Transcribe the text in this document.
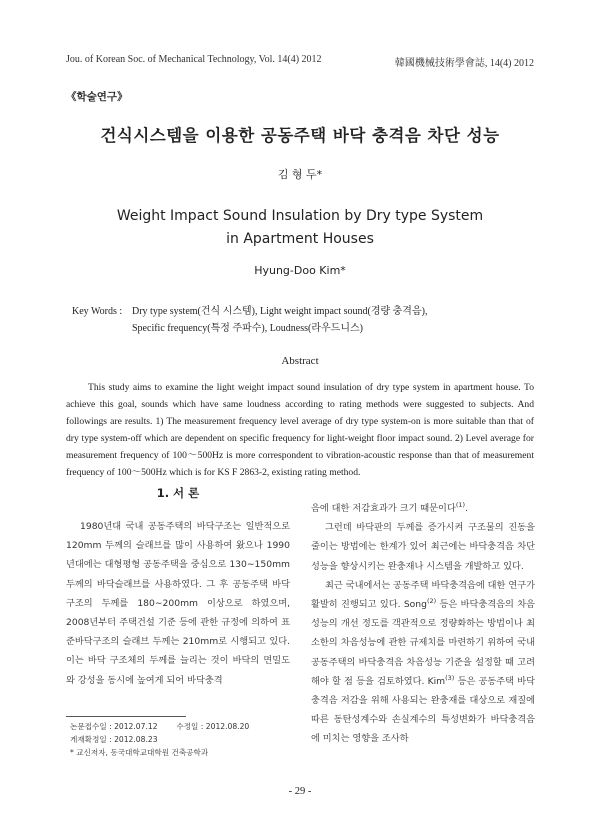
Jou. of Korean Soc. of Mechanical Technology, Vol. 14(4) 2012	韓國機械技術學會誌, 14(4) 2012
《학술연구》
건식시스템을 이용한 공동주택 바닥 충격음 차단 성능
김 형 두*
Weight Impact Sound Insulation by Dry type System
in Apartment Houses
Hyung-Doo Kim*
Key Words : Dry type system(건식 시스템), Light weight impact sound(경량 충격음),
Specific frequency(특정 주파수), Loudness(라우드니스)
Abstract

This study aims to examine the light weight impact sound insulation of dry type system in apartment house. To achieve this goal, sounds which have same loudness according to rating methods were suggested to subjects. And followings are results. 1) The measurement frequency level average of dry type system-on is more suitable than that of dry type system-off which are dependent on specific frequency for light-weight floor impact sound. 2) Level average for measurement frequency of 100～500Hz is more correspondent to vibration-acoustic response than that of measurement frequency of 100～500Hz which is for KS F 2863-2, existing rating method.

1. 서 론

1980년대 국내 공동주택의 바닥구조는 일반적으로 120mm 두께의 슬래브를 많이 사용하여 왔으나 1990년대에는 대형평형 공동주택을 중심으로 130∼150mm 두께의 바닥슬래브를 사용하였다. 그 후 공동주택 바닥구조의 두께를 180∼200mm 이상으로 하였으며, 2008년부터 주택건설 기준 등에 관한 규정에 의하여 표준바닥구조의 슬래브 두께는 210mm로 시행되고 있다. 이는 바닥 구조체의 두께를 늘리는 것이 바닥의 면밀도와 강성을 동시에 높여게 되어 바닥충격

음에 대한 저감효과가 크기 때문이다$^{(1)}$.

그런데 바닥판의 두께를 증가시켜 구조물의 진동을 줄이는 방법에는 한계가 있어 최근에는 바닥충격음 차단성능을 향상시키는 완충재나 시스템을 개발하고 있다.

최근 국내에서는 공동주택 바닥충격음에 대한 연구가 활발히 진행되고 있다. Song$^{(2)}$ 등은 바닥충격음의 차음성능의 개선 정도를 객관적으로 정량화하는 방법이나 최소한의 차음성능에 관한 규제치를 마련하기 위하여 국내 공동주택의 바닥충격음 차음성능 기준을 설정할 때 고려해야 할 점 등을 검토하였다. Kim$^{(3)}$ 등은 공동주택 바닥충격음 저감을 위해 사용되는 완충재를 대상으로 재질에 따른 동탄성계수와 손실계수의 특성변화가 바닥충격음에 미치는 영향을 조사하

논문접수일 : 2012.07.12 수정일 : 2012.08.20
게재확정일 : 2012.08.23
* 교신저자, 동국대학교대학원 건축공학과
- 29 -
